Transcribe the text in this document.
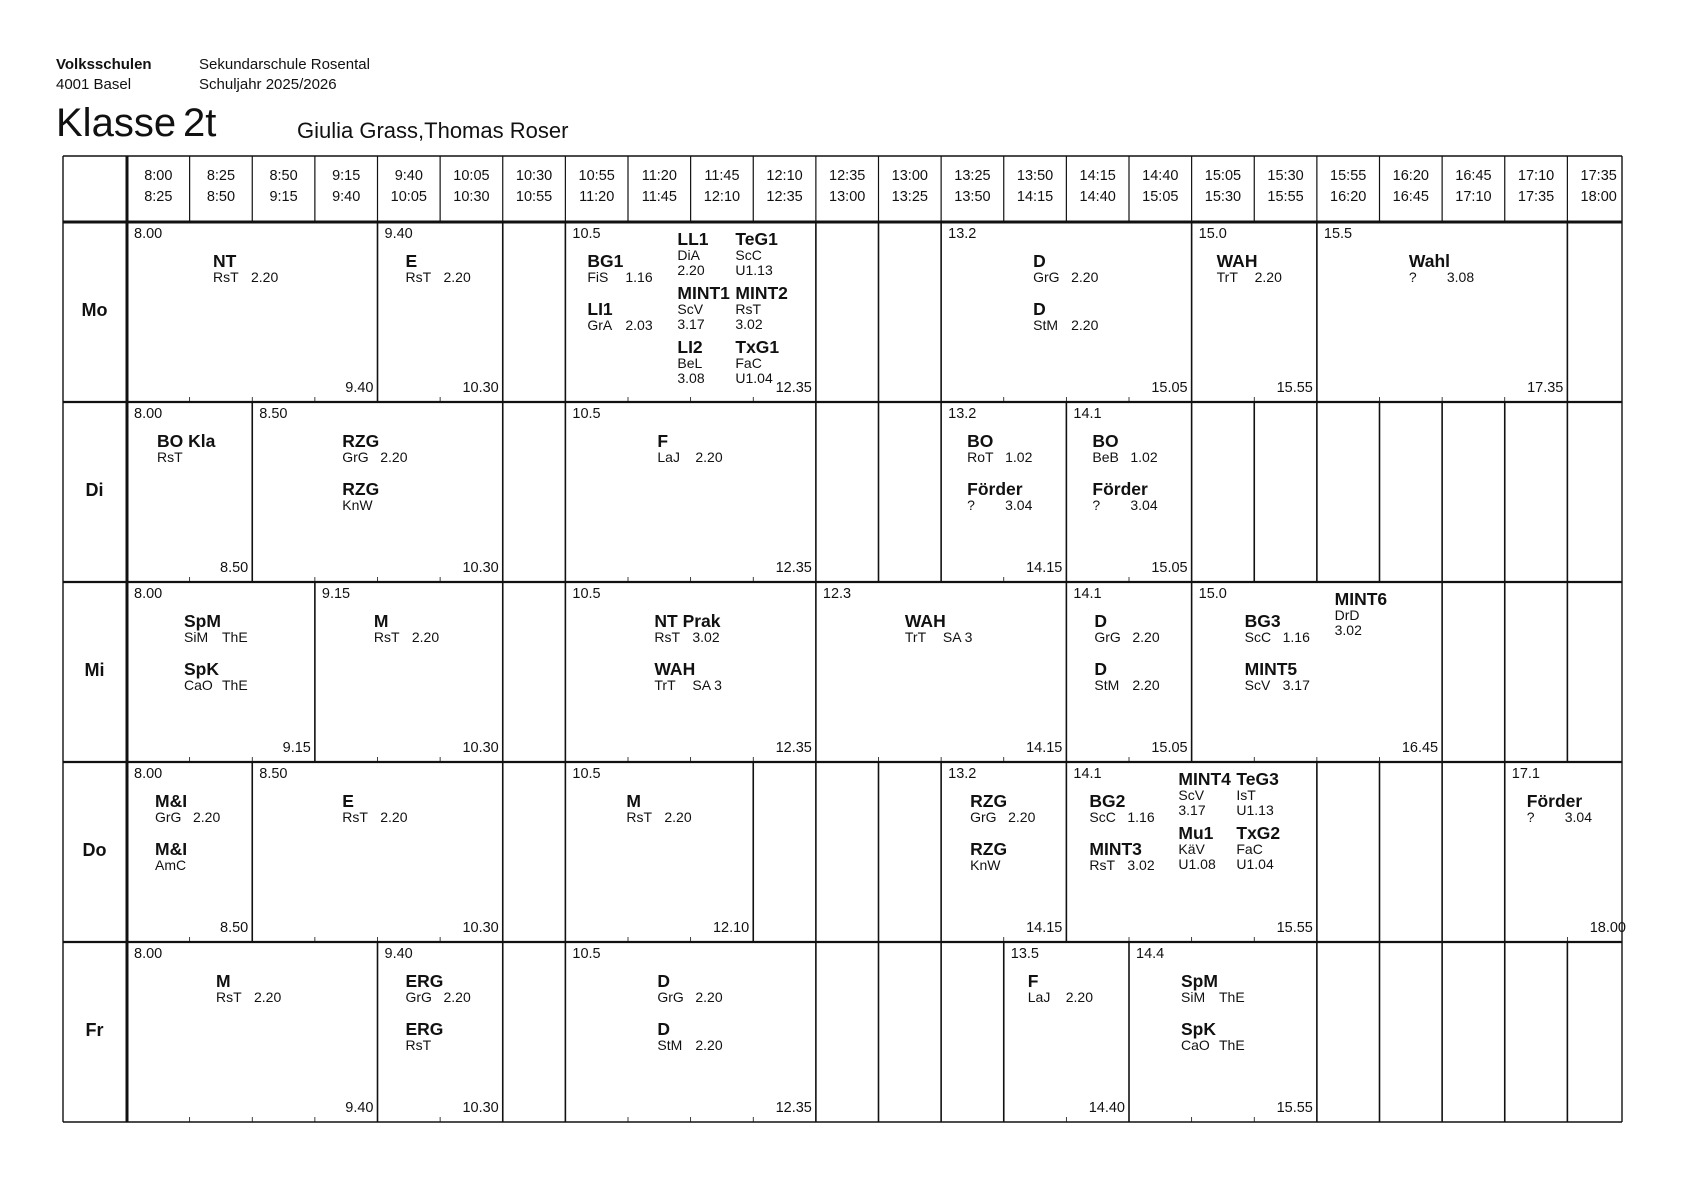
Volksschulen
4001 Basel
Sekundarschule Rosental
Schuljahr 2025/2026
Klasse 2t	Giulia Grass,Thomas Roser
8:00
8:25
8:25
8:50
8:50
9:15
9:15
9:40
9:40
10:05
10:05
10:30
10:30
10:55
10:55
11:20
11:20
11:45
11:45
12:10
12:10
12:35
12:35
13:00
13:00
13:25
13:25
13:50
13:50
14:15
14:15
14:40
14:40
15:05
15:05
15:30
15:30
15:55
15:55
16:20
16:20
16:45
16:45
17:10
17:10
17:35
17:35
18:00
Mo
Di
Mi
Do
Fr
8.00
9.40
NT
RsT 2.20
9.40
10.30
E
RsT 2.20
10.5
12.35
BG1
FiS 1.16
LI1
GrA 2.03
LL1
DiA
2.20
TeG1
ScC
U1.13
MINT1
ScV
3.17
MINT2
RsT
3.02
LI2
BeL
3.08
TxG1
FaC
U1.04
13.2
15.05
D
GrG 2.20
D
StM 2.20
15.0
15.55
WAH
TrT 2.20
15.5
17.35
Wahl
? 3.08
8.00
8.50
BO Kla
RsT
8.50
10.30
RZG
GrG 2.20
RZG
KnW
10.5
12.35
F
LaJ 2.20
13.2
14.15
BO
RoT 1.02
Förder
? 3.04
14.1
15.05
BO
BeB 1.02
Förder
? 3.04
8.00
9.15
SpM
SiM ThE
SpK
CaO ThE
9.15
10.30
M
RsT 2.20
10.5
12.35
NT Prak
RsT 3.02
WAH
TrT SA 3
12.3
14.15
WAH
TrT SA 3
14.1
15.05
D
GrG 2.20
D
StM 2.20
15.0
16.45
BG3
ScC 1.16
MINT5
ScV 3.17
MINT6
DrD
3.02
8.00
8.50
M&I
GrG 2.20
M&I
AmC
8.50
10.30
E
RsT 2.20
10.5
12.10
M
RsT 2.20
13.2
14.15
RZG
GrG 2.20
RZG
KnW
14.1
15.55
BG2
ScC 1.16
MINT3
RsT 3.02
MINT4
ScV
3.17
TeG3
IsT
U1.13
Mu1
KäV
U1.08
TxG2
FaC
U1.04
17.1
18.00
Förder
? 3.04
8.00
9.40
M
RsT 2.20
9.40
10.30
ERG
GrG 2.20
ERG
RsT
10.5
12.35
D
GrG 2.20
D
StM 2.20
13.5
14.40
F
LaJ 2.20
14.4
15.55
SpM
SiM ThE
SpK
CaO ThE
